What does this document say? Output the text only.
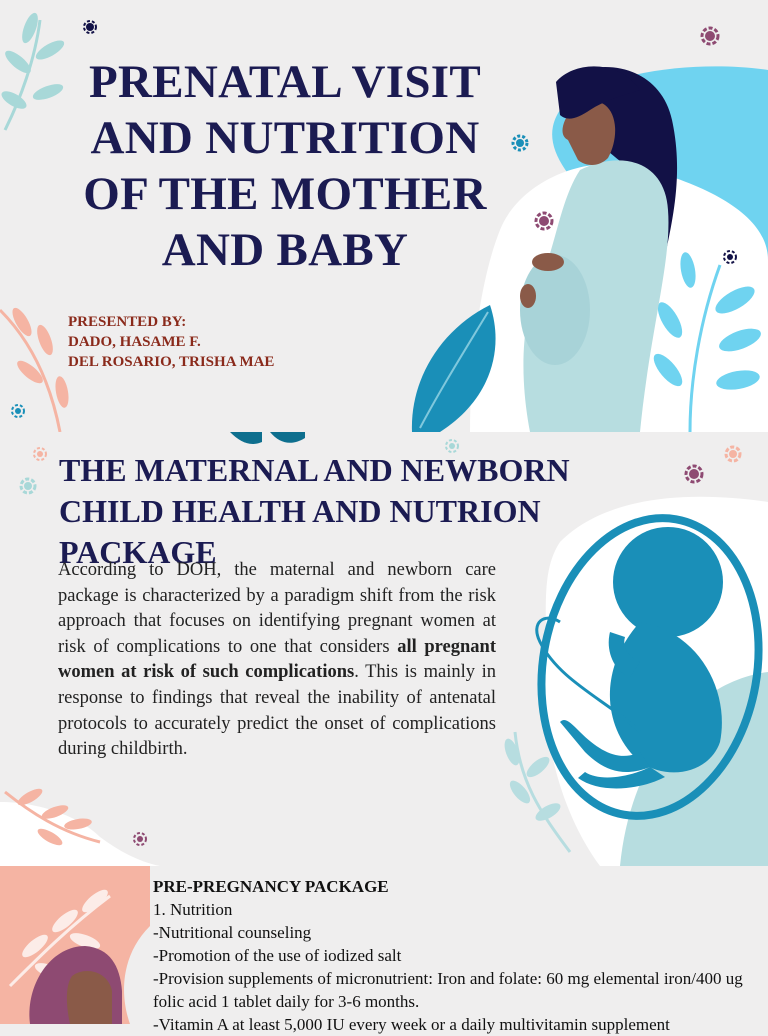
PRENATAL VISIT AND NUTRITION OF THE MOTHER AND BABY
PRESENTED BY:
DADO, HASAME F.
DEL ROSARIO, TRISHA MAE
THE MATERNAL AND NEWBORN CHILD HEALTH AND NUTRION PACKAGE
According to DOH, the maternal and newborn care package is characterized by a paradigm shift from the risk approach that focuses on identifying pregnant women at risk of complications to one that considers all pregnant women at risk of such complications. This is mainly in response to findings that reveal the inability of antenatal protocols to accurately predict the onset of complications during childbirth.
PRE-PREGNANCY PACKAGE
1. Nutrition
-Nutritional counseling
-Promotion of the use of iodized salt
-Provision supplements of micronutrient: Iron and folate: 60 mg elemental iron/400 ug folic acid 1 tablet daily for 3-6 months.
-Vitamin A at least 5,000 IU every week or a daily multivitamin supplement
